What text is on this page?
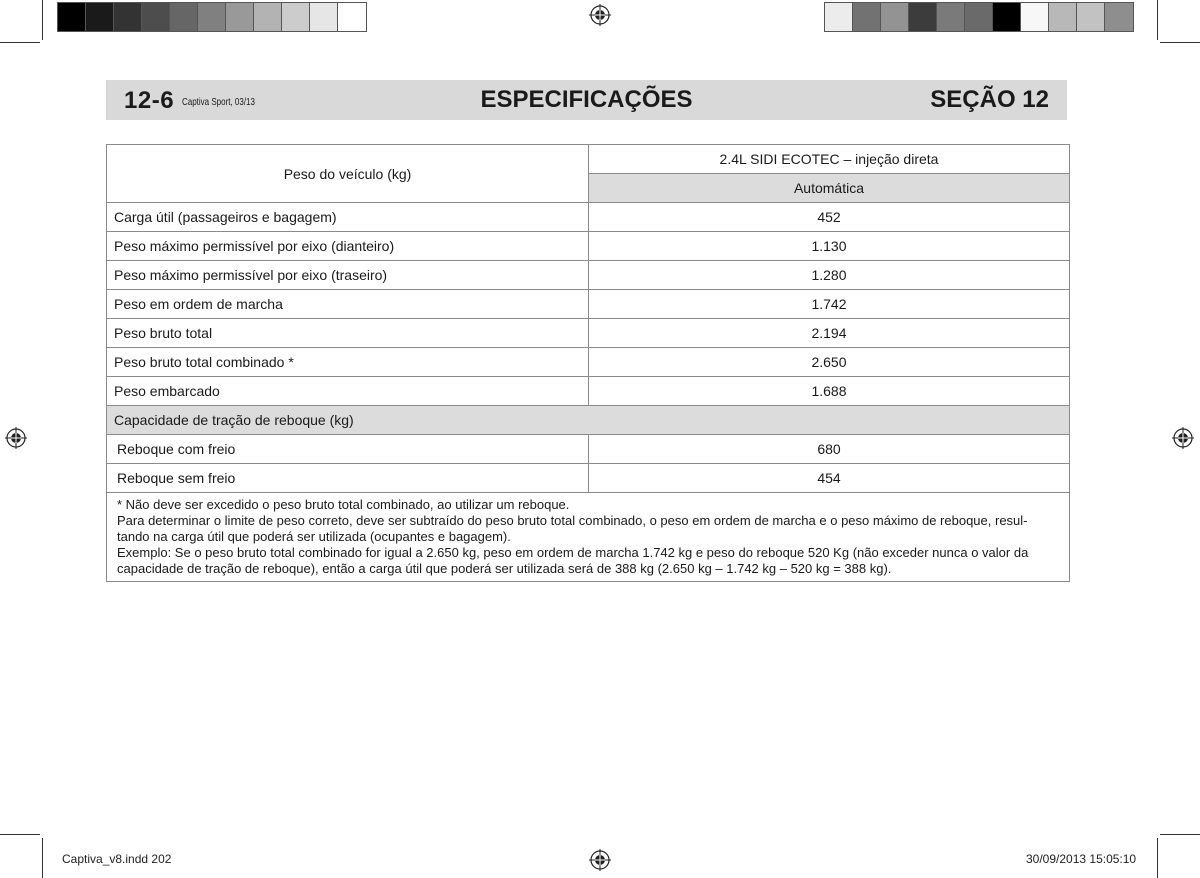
12-6 Captiva Sport, 03/13	ESPECIFICAÇÕES	SEÇÃO 12
Peso do veículo (kg)	2.4L SIDI ECOTEC – injeção direta
	Automática
Carga útil (passageiros e bagagem)	452
Peso máximo permissível por eixo (dianteiro)	1.130
Peso máximo permissível por eixo (traseiro)	1.280
Peso em ordem de marcha	1.742
Peso bruto total	2.194
Peso bruto total combinado *	2.650
Peso embarcado	1.688
Capacidade de tração de reboque (kg)	
Reboque com freio	680
Reboque sem freio	454

* Não deve ser excedido o peso bruto total combinado, ao utilizar um reboque.
Para determinar o limite de peso correto, deve ser subtraído do peso bruto total combinado, o peso em ordem de marcha e o peso máximo de reboque, resul-
tando na carga útil que poderá ser utilizada (ocupantes e bagagem).
Exemplo: Se o peso bruto total combinado for igual a 2.650 kg, peso em ordem de marcha 1.742 kg e peso do reboque 520 Kg (não exceder nunca o valor da
capacidade de tração de reboque), então a carga útil que poderá ser utilizada será de 388 kg (2.650 kg – 1.742 kg – 520 kg = 388 kg).	
Captiva_v8.indd 202	30/09/2013 15:05:10
